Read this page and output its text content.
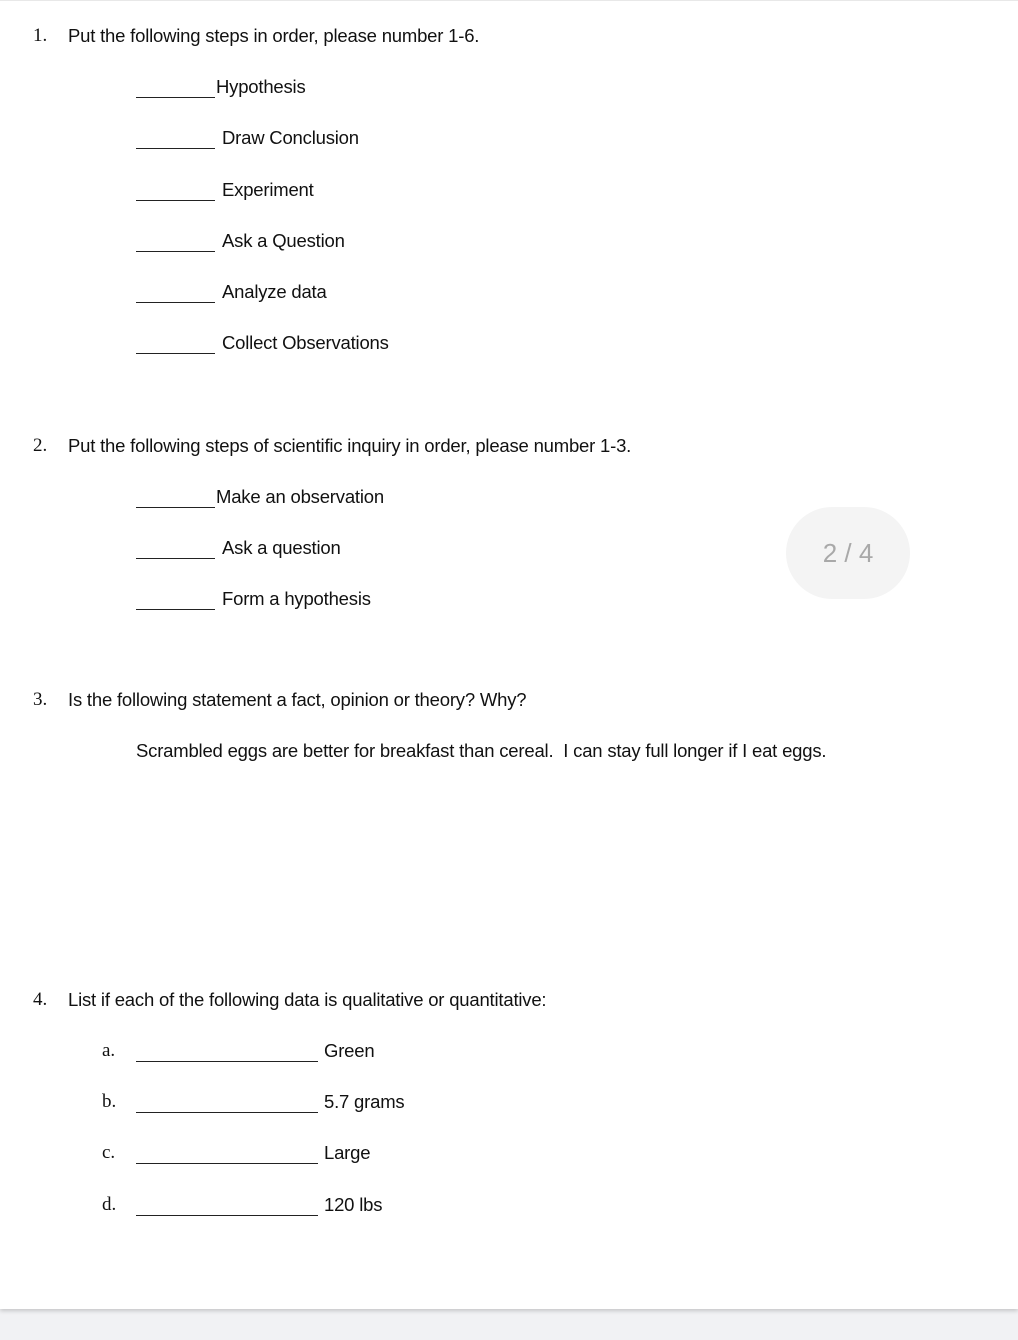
1. Put the following steps in order, please number 1-6.
Hypothesis
Draw Conclusion
Experiment
Ask a Question
Analyze data
Collect Observations
2. Put the following steps of scientific inquiry in order, please number 1-3.
Make an observation
Ask a question
Form a hypothesis
3. Is the following statement a fact, opinion or theory? Why?
Scrambled eggs are better for breakfast than cereal.  I can stay full longer if I eat eggs.
4. List if each of the following data is qualitative or quantitative:
a.	Green
b.	5.7 grams
c.	Large
d.	120 lbs
2 / 4
